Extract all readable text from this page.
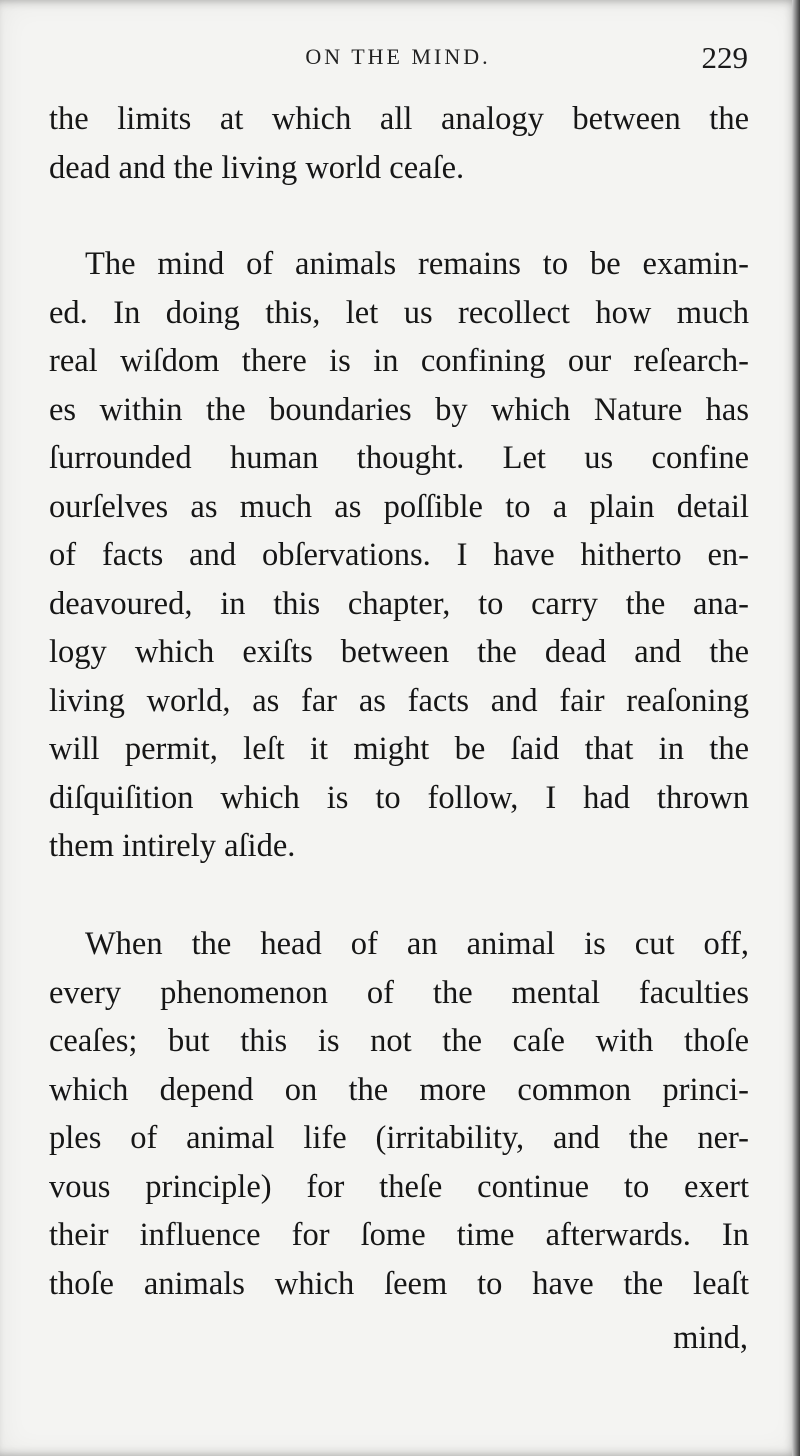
ON THE MIND.	229
the limits at which all analogy between the
dead and the living world ceaſe.
The mind of animals remains to be examin-
ed. In doing this, let us recollect how much
real wiſdom there is in confining our reſearch-
es within the boundaries by which Nature has
ſurrounded human thought. Let us confine
ourſelves as much as poſſible to a plain detail
of facts and obſervations. I have hitherto en-
deavoured, in this chapter, to carry the ana-
logy which exiſts between the dead and the
living world, as far as facts and fair reaſoning
will permit, leſt it might be ſaid that in the
diſquiſition which is to follow, I had thrown
them intirely aſide.
When the head of an animal is cut off,
every phenomenon of the mental faculties
ceaſes; but this is not the caſe with thoſe
which depend on the more common princi-
ples of animal life (irritability, and the ner-
vous principle) for theſe continue to exert
their influence for ſome time afterwards. In
thoſe animals which ſeem to have the leaſt
mind,
